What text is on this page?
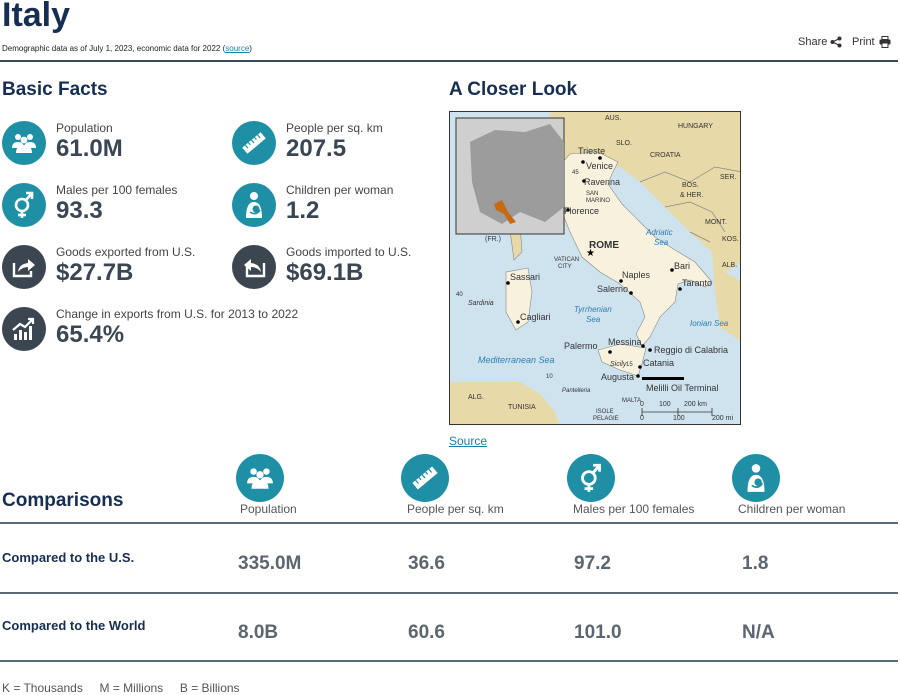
Italy
Demographic data as of July 1, 2023, economic data for 2022 (source)
Share Print
Basic Facts
Population
61.0M
People per sq. km
207.5
Males per 100 females
93.3
Children per woman
1.2
Goods exported from U.S.
$27.7B
Goods imported to U.S.
$69.1B
Change in exports from U.S. for 2013 to 2022
65.4%
A Closer Look
★
AUS.
HUNGARY
SLO.
CROATIA
SER.
BOS.
& HER.
MONT.
KOS.
ALB.
(FR.)
Trieste
Venice
Ravenna
SAN
MARINO
Florence
ROME
Adriatic
Sea
VATICAN
CITY	Bari
Naples
Taranto
Sassari
Salerno
Sardinia
Tyrrhenian
Sea
Cagliari
Ionian Sea
Palermo Messina
Reggio di Calabria
Mediterranean Sea	Sicily Catania
Augusta
Melilli Oil Terminal
ALG.
TUNISIA
Pantelleria
MALTA
ISOLE
PELAGIE
0 100 200 km
0	100	200 mi
40
45
10
15
Source
Comparisons	Population	People per sq. km	Males per 100 females	Children per woman
Compared to the U.S.	335.0M	36.6	97.2	1.8
Compared to the World	8.0B	60.6	101.0	N/A
K = Thousands     M = Millions     B = Billions
